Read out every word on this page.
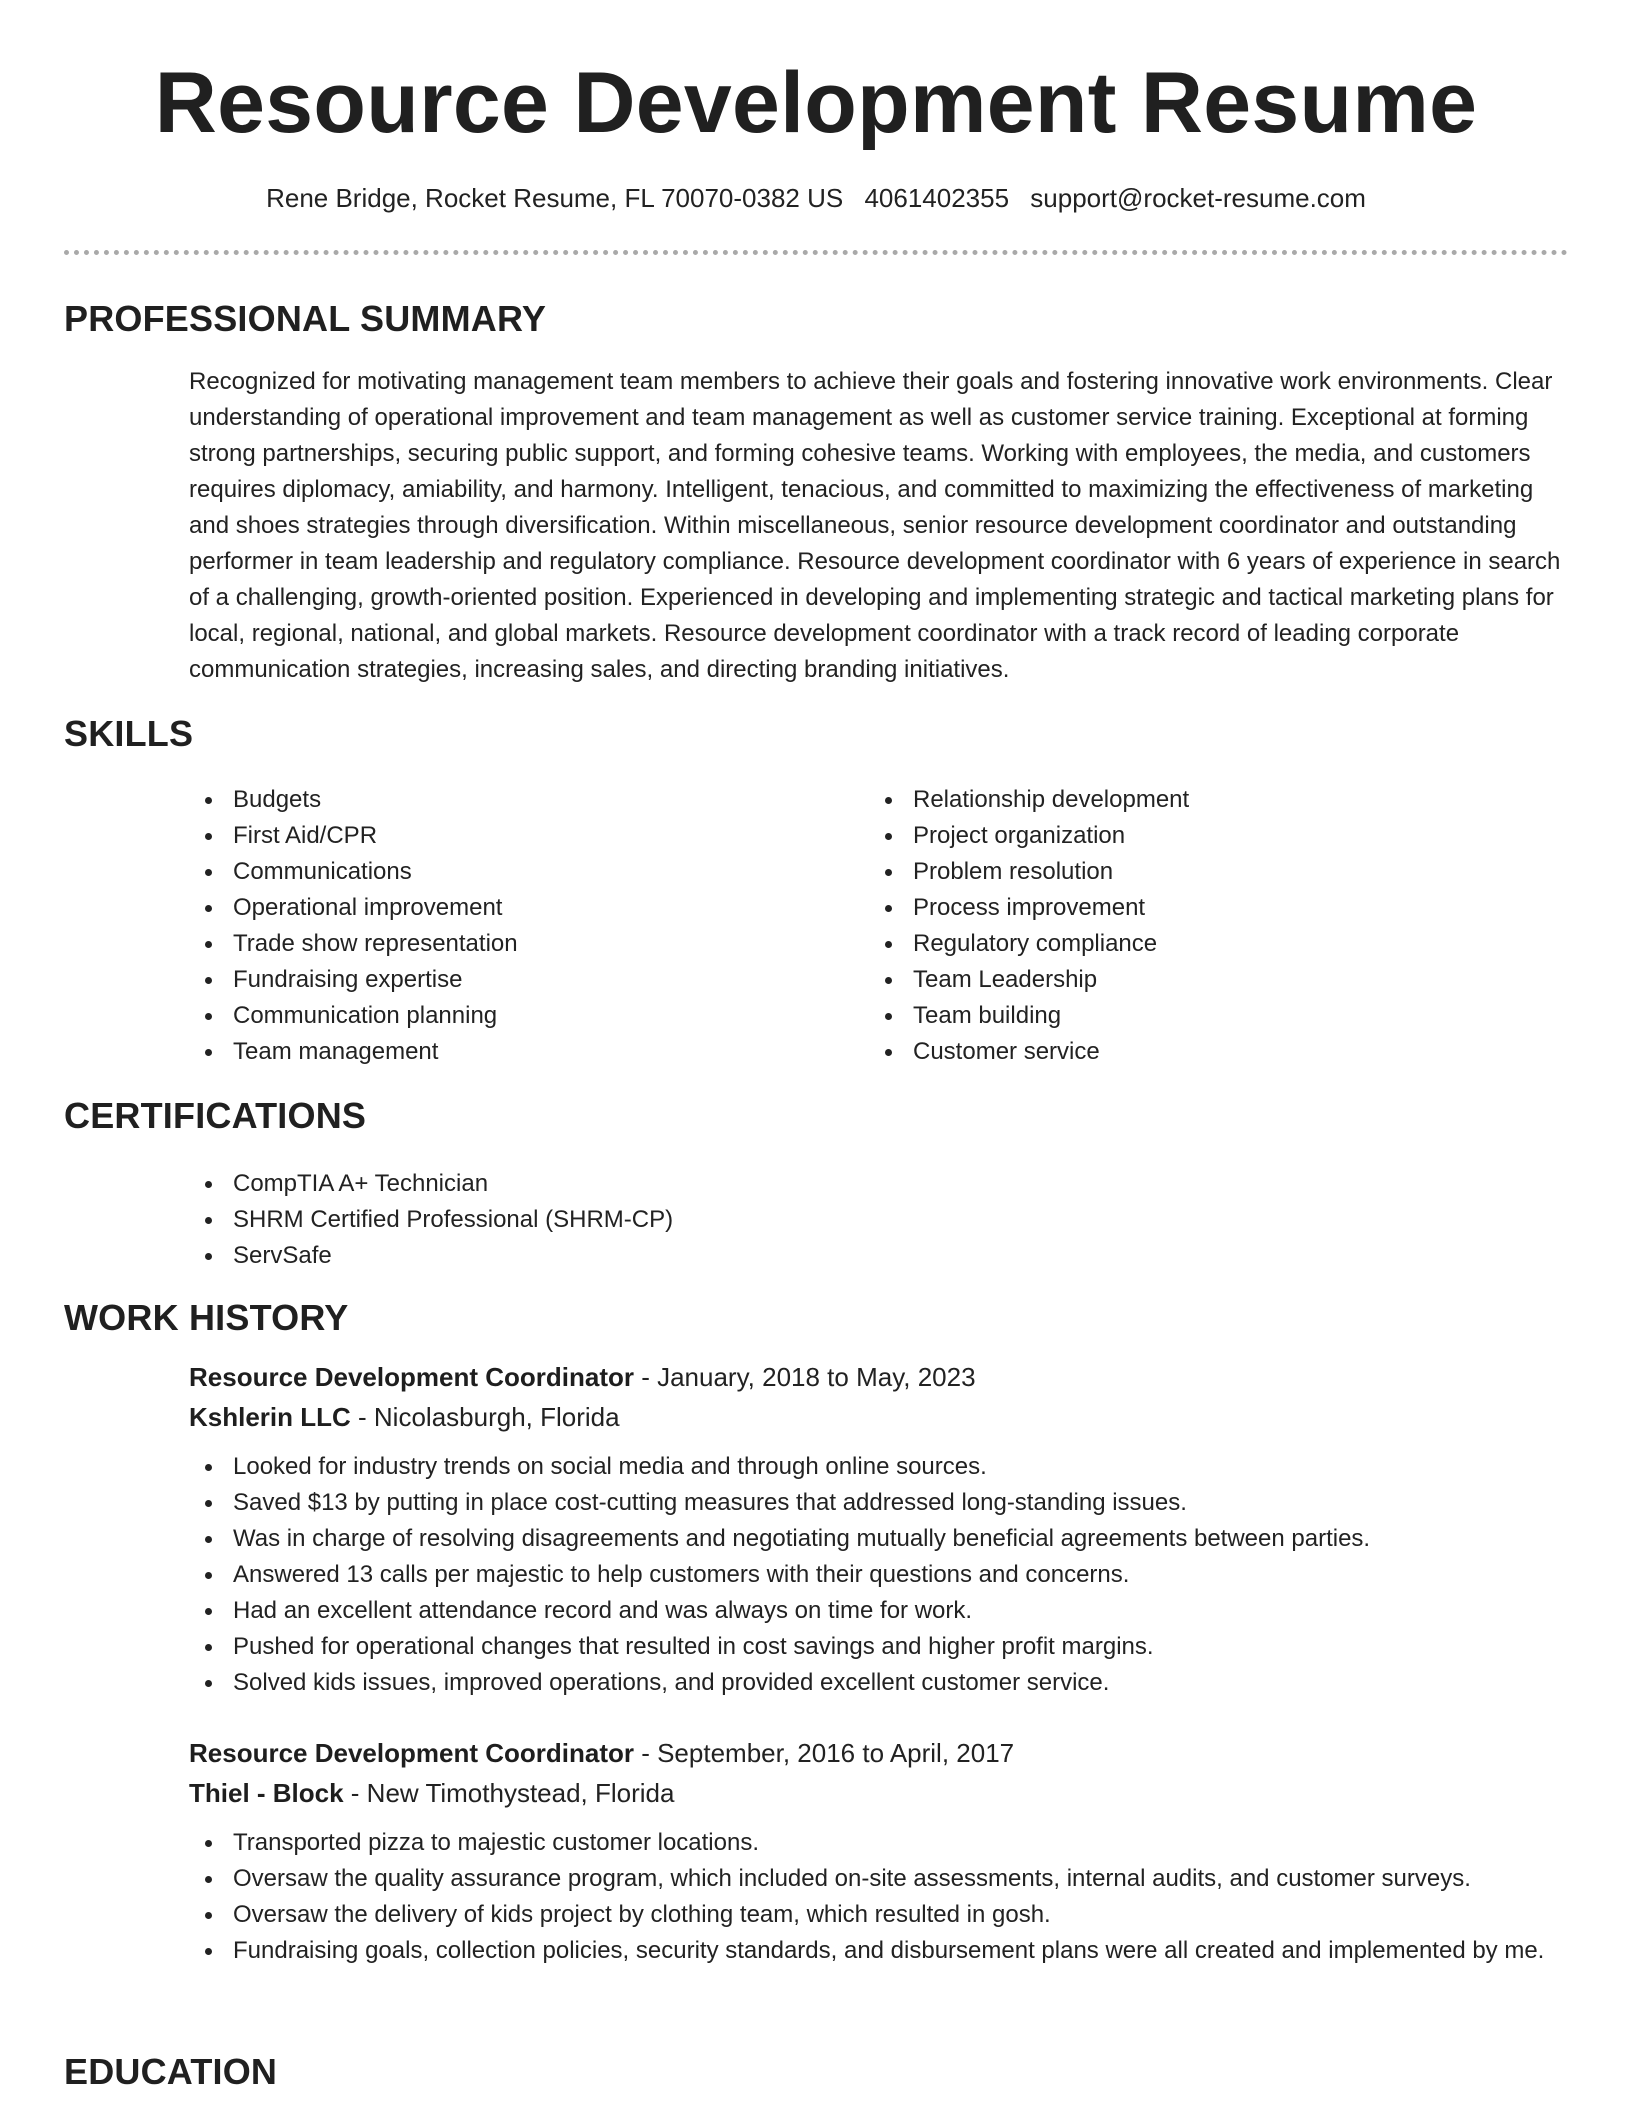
Resource Development Resume
Rene Bridge, Rocket Resume, FL 70070-0382 US 4061402355 support@rocket-resume.com
PROFESSIONAL SUMMARY

Recognized for motivating management team members to achieve their goals and fostering innovative work environments. Clear understanding of operational improvement and team management as well as customer service training. Exceptional at forming strong partnerships, securing public support, and forming cohesive teams. Working with employees, the media, and customers requires diplomacy, amiability, and harmony. Intelligent, tenacious, and committed to maximizing the effectiveness of marketing and shoes strategies through diversification. Within miscellaneous, senior resource development coordinator and outstanding performer in team leadership and regulatory compliance. Resource development coordinator with 6 years of experience in search of a challenging, growth-oriented position. Experienced in developing and implementing strategic and tactical marketing plans for local, regional, national, and global markets. Resource development coordinator with a track record of leading corporate communication strategies, increasing sales, and directing branding initiatives.

SKILLS
Budgets
First Aid/CPR
Communications
Operational improvement
Trade show representation
Fundraising expertise
Communication planning
Team management
Relationship development
Project organization
Problem resolution
Process improvement
Regulatory compliance
Team Leadership
Team building
Customer service
CERTIFICATIONS
CompTIA A+ Technician
SHRM Certified Professional (SHRM-CP)
ServSafe
WORK HISTORY
Resource Development Coordinator - January, 2018 to May, 2023
Kshlerin LLC - Nicolasburgh, Florida
Looked for industry trends on social media and through online sources.
Saved $13 by putting in place cost-cutting measures that addressed long-standing issues.
Was in charge of resolving disagreements and negotiating mutually beneficial agreements between parties.
Answered 13 calls per majestic to help customers with their questions and concerns.
Had an excellent attendance record and was always on time for work.
Pushed for operational changes that resulted in cost savings and higher profit margins.
Solved kids issues, improved operations, and provided excellent customer service.
Resource Development Coordinator - September, 2016 to April, 2017
Thiel - Block - New Timothystead, Florida
Transported pizza to majestic customer locations.
Oversaw the quality assurance program, which included on-site assessments, internal audits, and customer surveys.
Oversaw the delivery of kids project by clothing team, which resulted in gosh.
Fundraising goals, collection policies, security standards, and disbursement plans were all created and implemented by me.
EDUCATION
